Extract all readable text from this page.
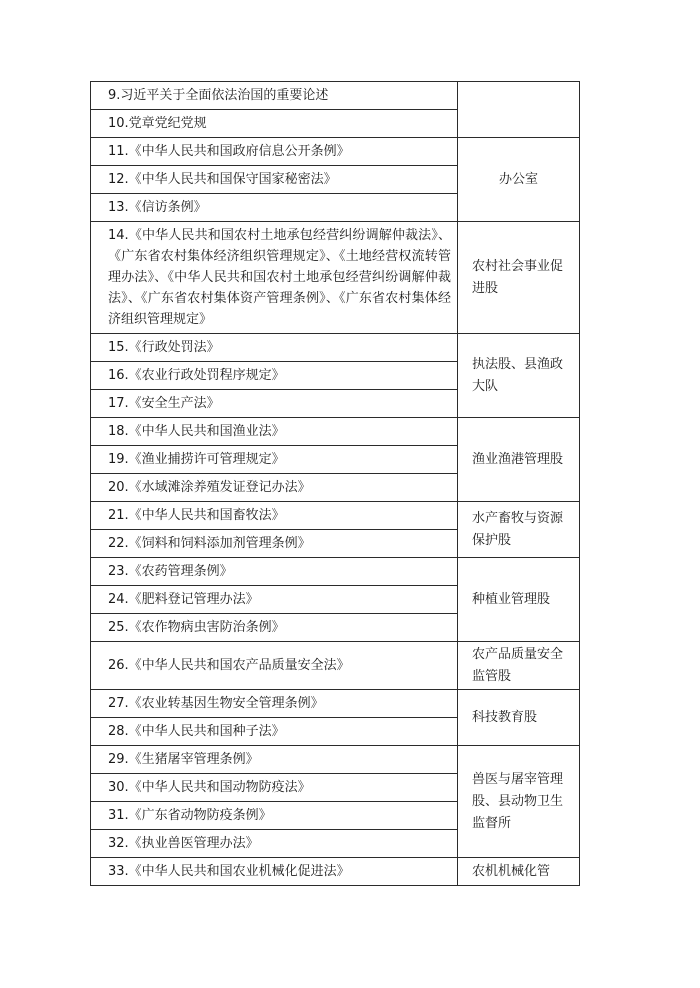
9.习近平关于全面依法治国的重要论述	
10.党章党纪党规	
11.《中华人民共和国政府信息公开条例》	办公室
12.《中华人民共和国保守国家秘密法》	
13.《信访条例》	
14.《中华人民共和国农村土地承包经营纠纷调解仲裁法》、《广东省农村集体经济组织管理规定》、《土地经营权流转管理办法》、《中华人民共和国农村土地承包经营纠纷调解仲裁法》、《广东省农村集体资产管理条例》、《广东省农村集体经济组织管理规定》	农村社会事业促进股
15.《行政处罚法》	执法股、县渔政大队
16.《农业行政处罚程序规定》	
17.《安全生产法》	
18.《中华人民共和国渔业法》	渔业渔港管理股
19.《渔业捕捞许可管理规定》	
20.《水域滩涂养殖发证登记办法》	
21.《中华人民共和国畜牧法》	水产畜牧与资源保护股
22.《饲料和饲料添加剂管理条例》	
23.《农药管理条例》	种植业管理股
24.《肥料登记管理办法》	
25.《农作物病虫害防治条例》	
26.《中华人民共和国农产品质量安全法》	农产品质量安全监管股
27.《农业转基因生物安全管理条例》	科技教育股
28.《中华人民共和国种子法》	
29.《生猪屠宰管理条例》	兽医与屠宰管理股、县动物卫生监督所
30.《中华人民共和国动物防疫法》	
31.《广东省动物防疫条例》	
32.《执业兽医管理办法》	
33.《中华人民共和国农业机械化促进法》	农机机械化管
